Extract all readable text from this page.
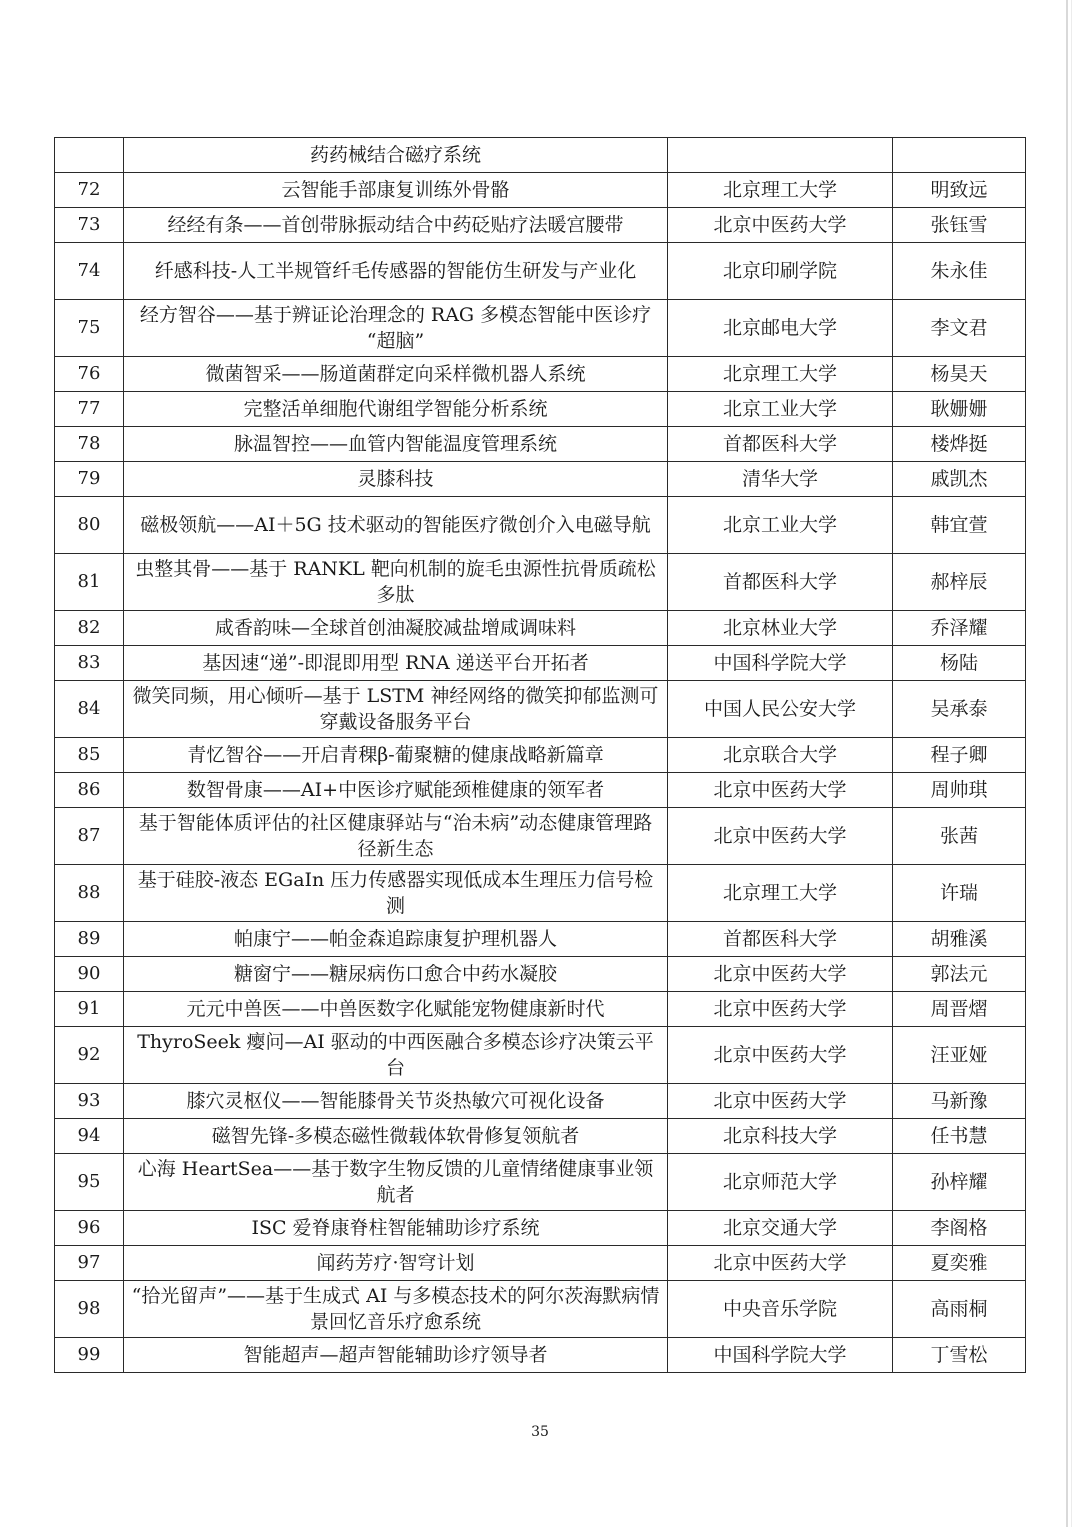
	药药械结合磁疗系统		
72	云智能手部康复训练外骨骼	北京理工大学	明致远
73	经经有条——首创带脉振动结合中药砭贴疗法暖宫腰带	北京中医药大学	张钰雪
74	纤感科技-人工半规管纤毛传感器的智能仿生研发与产业化	北京印刷学院	朱永佳
75	经方智谷——基于辨证论治理念的 RAG 多模态智能中医诊疗 “超脑”	北京邮电大学	李文君
76	微菌智采——肠道菌群定向采样微机器人系统	北京理工大学	杨昊天
77	完整活单细胞代谢组学智能分析系统	北京工业大学	耿姗姗
78	脉温智控——血管内智能温度管理系统	首都医科大学	楼烨挺
79	灵膝科技	清华大学	戚凯杰
80	磁极领航——AI＋5G 技术驱动的智能医疗微创介入电磁导航	北京工业大学	韩宜萱
81	虫整其骨——基于 RANKL 靶向机制的旋毛虫源性抗骨质疏松多肽	首都医科大学	郝梓辰
82	咸香韵味—全球首创油凝胶减盐增咸调味料	北京林业大学	乔泽耀
83	基因速“递”-即混即用型 RNA 递送平台开拓者	中国科学院大学	杨陆
84	微笑同频，用心倾听—基于 LSTM 神经网络的微笑抑郁监测可穿戴设备服务平台	中国人民公安大学	吴承泰
85	青忆智谷——开启青稞β-葡聚糖的健康战略新篇章	北京联合大学	程子卿
86	数智骨康——AI+中医诊疗赋能颈椎健康的领军者	北京中医药大学	周帅琪
87	基于智能体质评估的社区健康驿站与“治未病”动态健康管理路径新生态	北京中医药大学	张茜
88	基于硅胶-液态 EGaIn 压力传感器实现低成本生理压力信号检测	北京理工大学	许瑞
89	帕康宁——帕金森追踪康复护理机器人	首都医科大学	胡雅溪
90	糖窗宁——糖尿病伤口愈合中药水凝胶	北京中医药大学	郭法元
91	元元中兽医——中兽医数字化赋能宠物健康新时代	北京中医药大学	周晋熠
92	ThyroSeek 瘿问—AI 驱动的中西医融合多模态诊疗决策云平台	北京中医药大学	汪亚娅
93	膝穴灵枢仪——智能膝骨关节炎热敏穴可视化设备	北京中医药大学	马新豫
94	磁智先锋-多模态磁性微载体软骨修复领航者	北京科技大学	任书慧
95	心海 HeartSea——基于数字生物反馈的儿童情绪健康事业领航者	北京师范大学	孙梓耀
96	ISC 爱脊康脊柱智能辅助诊疗系统	北京交通大学	李阁格
97	闻药芳疗·智穹计划	北京中医药大学	夏奕雅
98	“拾光留声”——基于生成式 AI 与多模态技术的阿尔茨海默病情景回忆音乐疗愈系统	中央音乐学院	高雨桐
99	智能超声—超声智能辅助诊疗领导者	中国科学院大学	丁雪松
35
